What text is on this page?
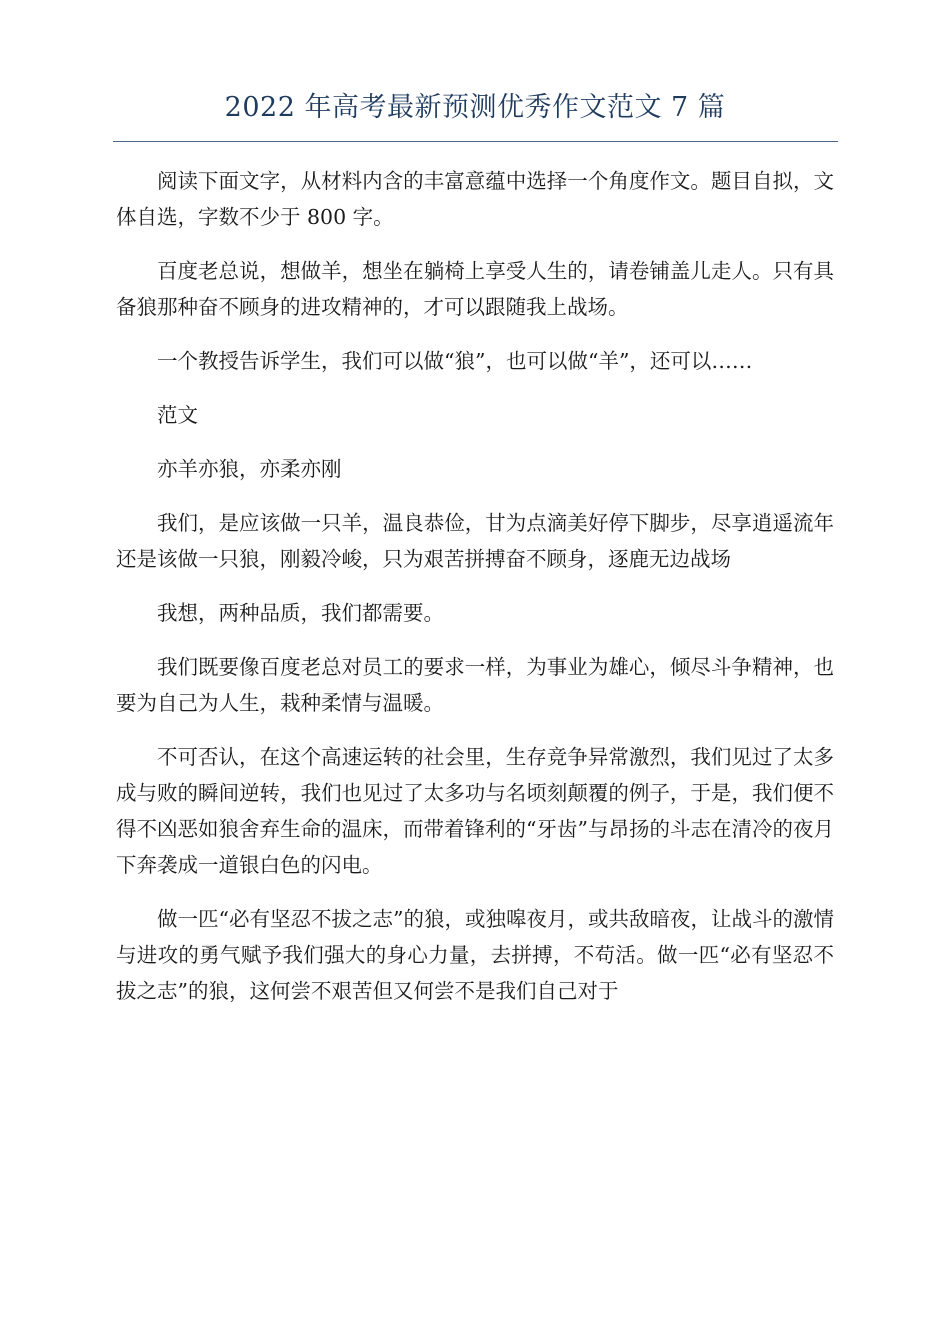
2022 年高考最新预测优秀作文范文 7 篇

阅读下面文字，从材料内含的丰富意蕴中选择一个角度作文。题目自拟，文体自选，字数不少于 800 字。

百度老总说，想做羊，想坐在躺椅上享受人生的，请卷铺盖儿走人。只有具备狼那种奋不顾身的进攻精神的，才可以跟随我上战场。

一个教授告诉学生，我们可以做“狼”，也可以做“羊”，还可以……

范文

亦羊亦狼，亦柔亦刚

我们，是应该做一只羊，温良恭俭，甘为点滴美好停下脚步，尽享逍遥流年还是该做一只狼，刚毅冷峻，只为艰苦拼搏奋不顾身，逐鹿无边战场

我想，两种品质，我们都需要。

我们既要像百度老总对员工的要求一样，为事业为雄心，倾尽斗争精神，也要为自己为人生，栽种柔情与温暖。

不可否认，在这个高速运转的社会里，生存竞争异常激烈，我们见过了太多成与败的瞬间逆转，我们也见过了太多功与名顷刻颠覆的例子，于是，我们便不得不凶恶如狼舍弃生命的温床，而带着锋利的“牙齿”与昂扬的斗志在清冷的夜月下奔袭成一道银白色的闪电。

做一匹“必有坚忍不拔之志”的狼，或独嗥夜月，或共敌暗夜，让战斗的激情与进攻的勇气赋予我们强大的身心力量，去拼搏，不苟活。做一匹“必有坚忍不拔之志”的狼，这何尝不艰苦但又何尝不是我们自己对于
